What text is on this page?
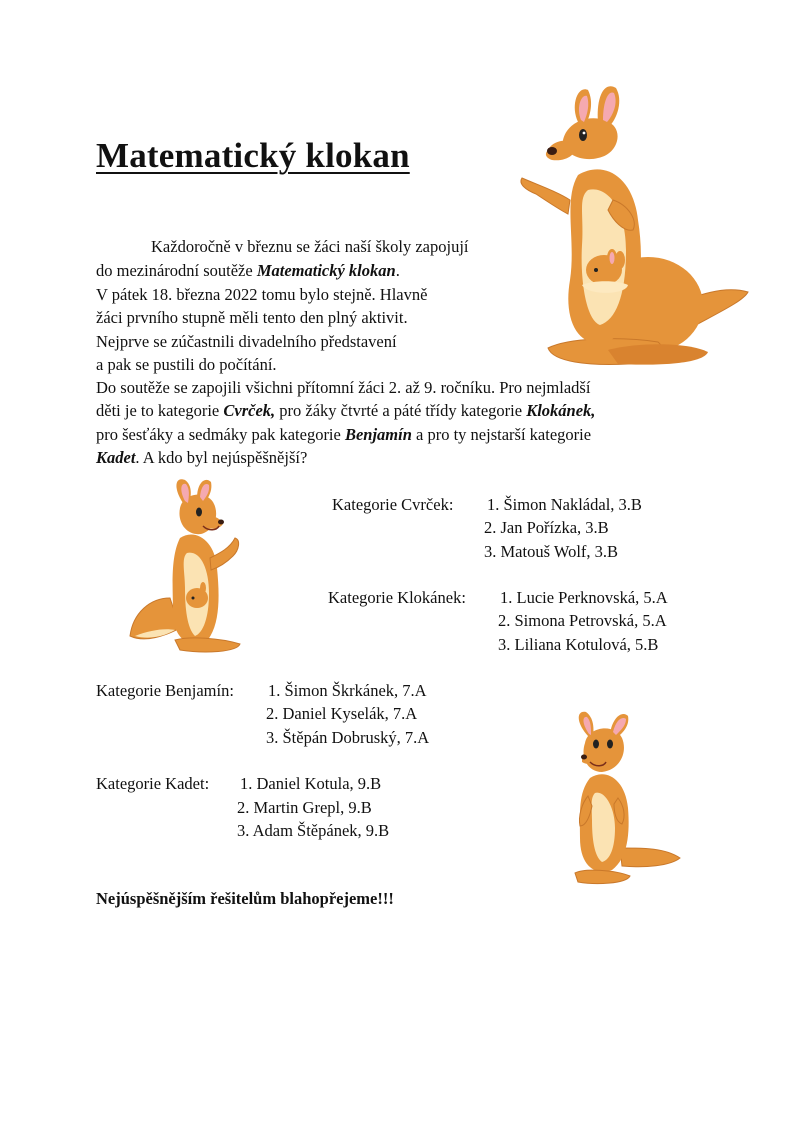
Matematický klokan
Každoročně v březnu se žáci naší školy zapojují
do mezinárodní soutěže Matematický klokan.
V pátek 18. března 2022 tomu bylo stejně. Hlavně
žáci prvního stupně měli tento den plný aktivit.
Nejprve se zúčastnili divadelního představení
a pak se pustili do počítání.
Do soutěže se zapojili všichni přítomní žáci 2. až 9. ročníku. Pro nejmladší
děti je to kategorie Cvrček, pro žáky čtvrté a páté třídy kategorie Klokánek,
pro šesťáky a sedmáky pak kategorie Benjamín a pro ty nejstarší kategorie
Kadet. A kdo byl nejúspěšnější?
Kategorie Cvrček: 1. Šimon Nakládal, 3.B
2. Jan Pořízka, 3.B
3. Matouš Wolf, 3.B
Kategorie Klokánek: 1. Lucie Perknovská, 5.A
2. Simona Petrovská, 5.A
3. Liliana Kotulová, 5.B
Kategorie Benjamín: 1. Šimon Škrkánek, 7.A
2. Daniel Kyselák, 7.A
3. Štěpán Dobruský, 7.A
Kategorie Kadet: 1. Daniel Kotula, 9.B
2. Martin Grepl, 9.B
3. Adam Štěpánek, 9.B
Nejúspěšnějším řešitelům blahopřejeme!!!
